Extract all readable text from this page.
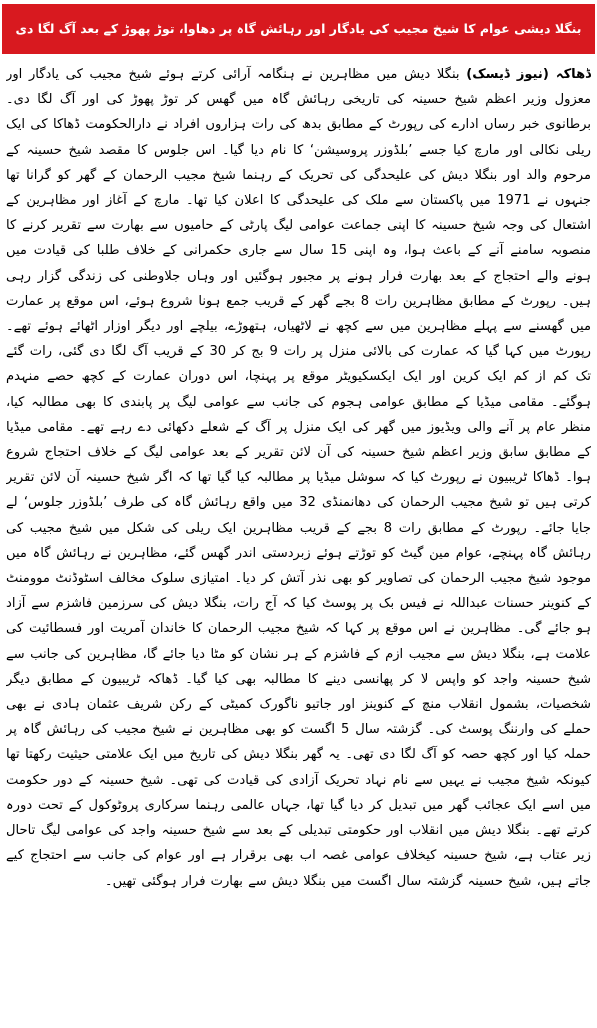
بنگلا دیشی عوام کا شیخ مجیب کی یادگار اور رہائش گاہ پر دھاوا، توڑ پھوڑ کے بعد آگ لگا دی
ڈھاکہ (نیوز ڈیسک) بنگلا دیش میں مظاہرین نے ہنگامہ آرائی کرتے ہوئے شیخ مجیب کی یادگار اور معزول وزیر اعظم شیخ حسینہ کی تاریخی رہائش گاہ میں گھس کر توڑ پھوڑ کی اور آگ لگا دی۔ برطانوی خبر رساں ادارے کی رپورٹ کے مطابق بدھ کی رات ہزاروں افراد نے دارالحکومت ڈھاکا کی ایک ریلی نکالی اور مارچ کیا جسے ’بلڈوزر پروسیشن‘ کا نام دیا گیا۔ اس جلوس کا مقصد شیخ حسینہ کے مرحوم والد اور بنگلا دیش کی علیحدگی کی تحریک کے رہنما شیخ مجیب الرحمان کے گھر کو گرانا تھا جنہوں نے 1971 میں پاکستان سے ملک کی علیحدگی کا اعلان کیا تھا۔ مارچ کے آغاز اور مظاہرین کے اشتعال کی وجہ شیخ حسینہ کا اپنی جماعت عوامی لیگ پارٹی کے حامیوں سے بھارت سے تقریر کرنے کا منصوبہ سامنے آنے کے باعث ہوا، وہ اپنی 15 سال سے جاری حکمرانی کے خلاف طلبا کی قیادت میں ہونے والے احتجاج کے بعد بھارت فرار ہونے پر مجبور ہوگئیں اور وہاں جلاوطنی کی زندگی گزار رہی ہیں۔ رپورٹ کے مطابق مظاہرین رات 8 بجے گھر کے قریب جمع ہونا شروع ہوئے، اس موقع پر عمارت میں گھسنے سے پہلے مظاہرین میں سے کچھ نے لاٹھیاں، ہتھوڑے، بیلچے اور دیگر اوزار اٹھائے ہوئے تھے۔ رپورٹ میں کہا گیا کہ عمارت کی بالائی منزل پر رات 9 بج کر 30 کے قریب آگ لگا دی گئی، رات گئے تک کم از کم ایک کرین اور ایک ایکسکیویٹر موقع پر پہنچا، اس دوران عمارت کے کچھ حصے منہدم ہوگئے۔ مقامی میڈیا کے مطابق عوامی ہجوم کی جانب سے عوامی لیگ پر پابندی کا بھی مطالبہ کیا، منظر عام پر آنے والی ویڈیوز میں گھر کی ایک منزل پر آگ کے شعلے دکھائی دے رہے تھے۔ مقامی میڈیا کے مطابق سابق وزیر اعظم شیخ حسینہ کی آن لائن تقریر کے بعد عوامی لیگ کے خلاف احتجاج شروع ہوا۔ ڈھاکا ٹریبیون نے رپورٹ کیا کہ سوشل میڈیا پر مطالبہ کیا گیا تھا کہ اگر شیخ حسینہ آن لائن تقریر کرتی ہیں تو شیخ مجیب الرحمان کی دھانمنڈی 32 میں واقع رہائش گاہ کی طرف ’بلڈوزر جلوس‘ لے جایا جائے۔ رپورٹ کے مطابق رات 8 بجے کے قریب مظاہرین ایک ریلی کی شکل میں شیخ مجیب کی رہائش گاہ پہنچے، عوام مین گیٹ کو توڑتے ہوئے زبردستی اندر گھس گئے، مظاہرین نے رہائش گاہ میں موجود شیخ مجیب الرحمان کی تصاویر کو بھی نذر آتش کر دیا۔ امتیازی سلوک مخالف اسٹوڈنٹ موومنٹ کے کنوینر حسنات عبداللہ نے فیس بک پر پوسٹ کیا کہ آج رات، بنگلا دیش کی سرزمین فاشزم سے آزاد ہو جائے گی۔ مظاہرین نے اس موقع پر کہا کہ شیخ مجیب الرحمان کا خاندان آمریت اور فسطائیت کی علامت ہے، بنگلا دیش سے مجیب ازم کے فاشزم کے ہر نشان کو مٹا دیا جائے گا، مظاہرین کی جانب سے شیخ حسینہ واجد کو واپس لا کر پھانسی دینے کا مطالبہ بھی کیا گیا۔ ڈھاکہ ٹریبیون کے مطابق دیگر شخصیات، بشمول انقلاب منچ کے کنوینز اور جاتیو ناگورک کمیٹی کے رکن شریف عثمان ہادی نے بھی حملے کی وارننگ پوسٹ کی۔ گزشتہ سال 5 اگست کو بھی مظاہرین نے شیخ مجیب کی رہائش گاہ پر حملہ کیا اور کچھ حصہ کو آگ لگا دی تھی۔ یہ گھر بنگلا دیش کی تاریخ میں ایک علامتی حیثیت رکھتا تھا کیونکہ شیخ مجیب نے یہیں سے نام نہاد تحریک آزادی کی قیادت کی تھی۔ شیخ حسینہ کے دور حکومت میں اسے ایک عجائب گھر میں تبدیل کر دیا گیا تھا، جہاں عالمی رہنما سرکاری پروٹوکول کے تحت دورہ کرتے تھے۔ بنگلا دیش میں انقلاب اور حکومتی تبدیلی کے بعد سے شیخ حسینہ واجد کی عوامی لیگ تاحال زیر عتاب ہے، شیخ حسینہ کیخلاف عوامی غصہ اب بھی برقرار ہے اور عوام کی جانب سے احتجاج کیے جاتے ہیں، شیخ حسینہ گزشتہ سال اگست میں بنگلا دیش سے بھارت فرار ہوگئی تھیں۔
